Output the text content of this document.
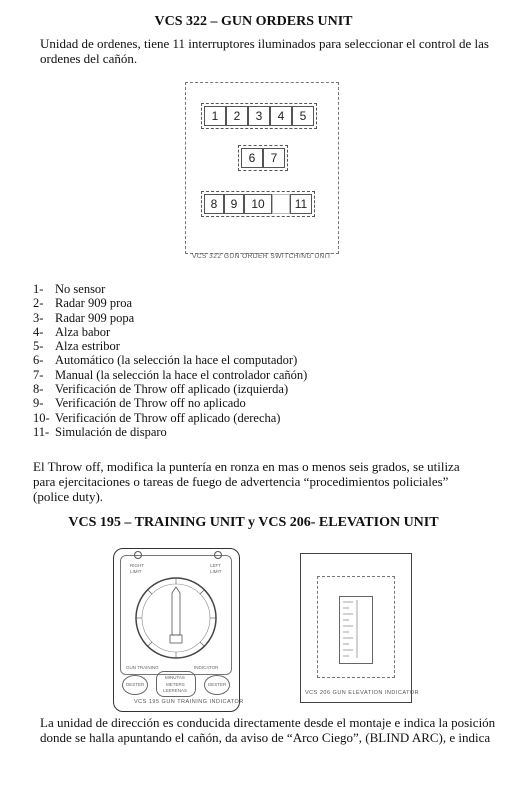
VCS 322 – GUN ORDERS UNIT
Unidad de ordenes, tiene 11 interruptores iluminados para seleccionar el control de las
ordenes del cañón.
1	2	3	4	5
6	7
8	9	10	11
VCS 322 GUN ORDER SWITCHING UNIT
1- No sensor
2- Radar 909 proa
3- Radar 909 popa
4- Alza babor
5- Alza estribor
6- Automático (la selección la hace el computador)
7- Manual (la selección la hace el controlador cañón)
8- Verificación de Throw off aplicado (izquierda)
9- Verificación de Throw off no aplicado
10- Verificación de Throw off aplicado (derecha)
11- Simulación de disparo
El Throw off, modifica la puntería en ronza en mas o menos seis grados, se utiliza
para ejercitaciones o tareas de fuego de advertencia “procedimientos policiales”
(police duty).
VCS 195 – TRAINING UNIT y VCS 206- ELEVATION UNIT
RIGHT
LIMIT
LEFT
LIMIT
GUN TRAINING	INDICATOR
DESTER
MINUTAS
METERS
LEERENAS
DESTER
VCS 195 GUN TRAINING INDICATOR
VCS 206 GUN ELEVATION INDICATOR
La unidad de dirección es conducida directamente desde el montaje e indica la posición
donde se halla apuntando el cañón, da aviso de “Arco Ciego”, (BLIND ARC), e indica
